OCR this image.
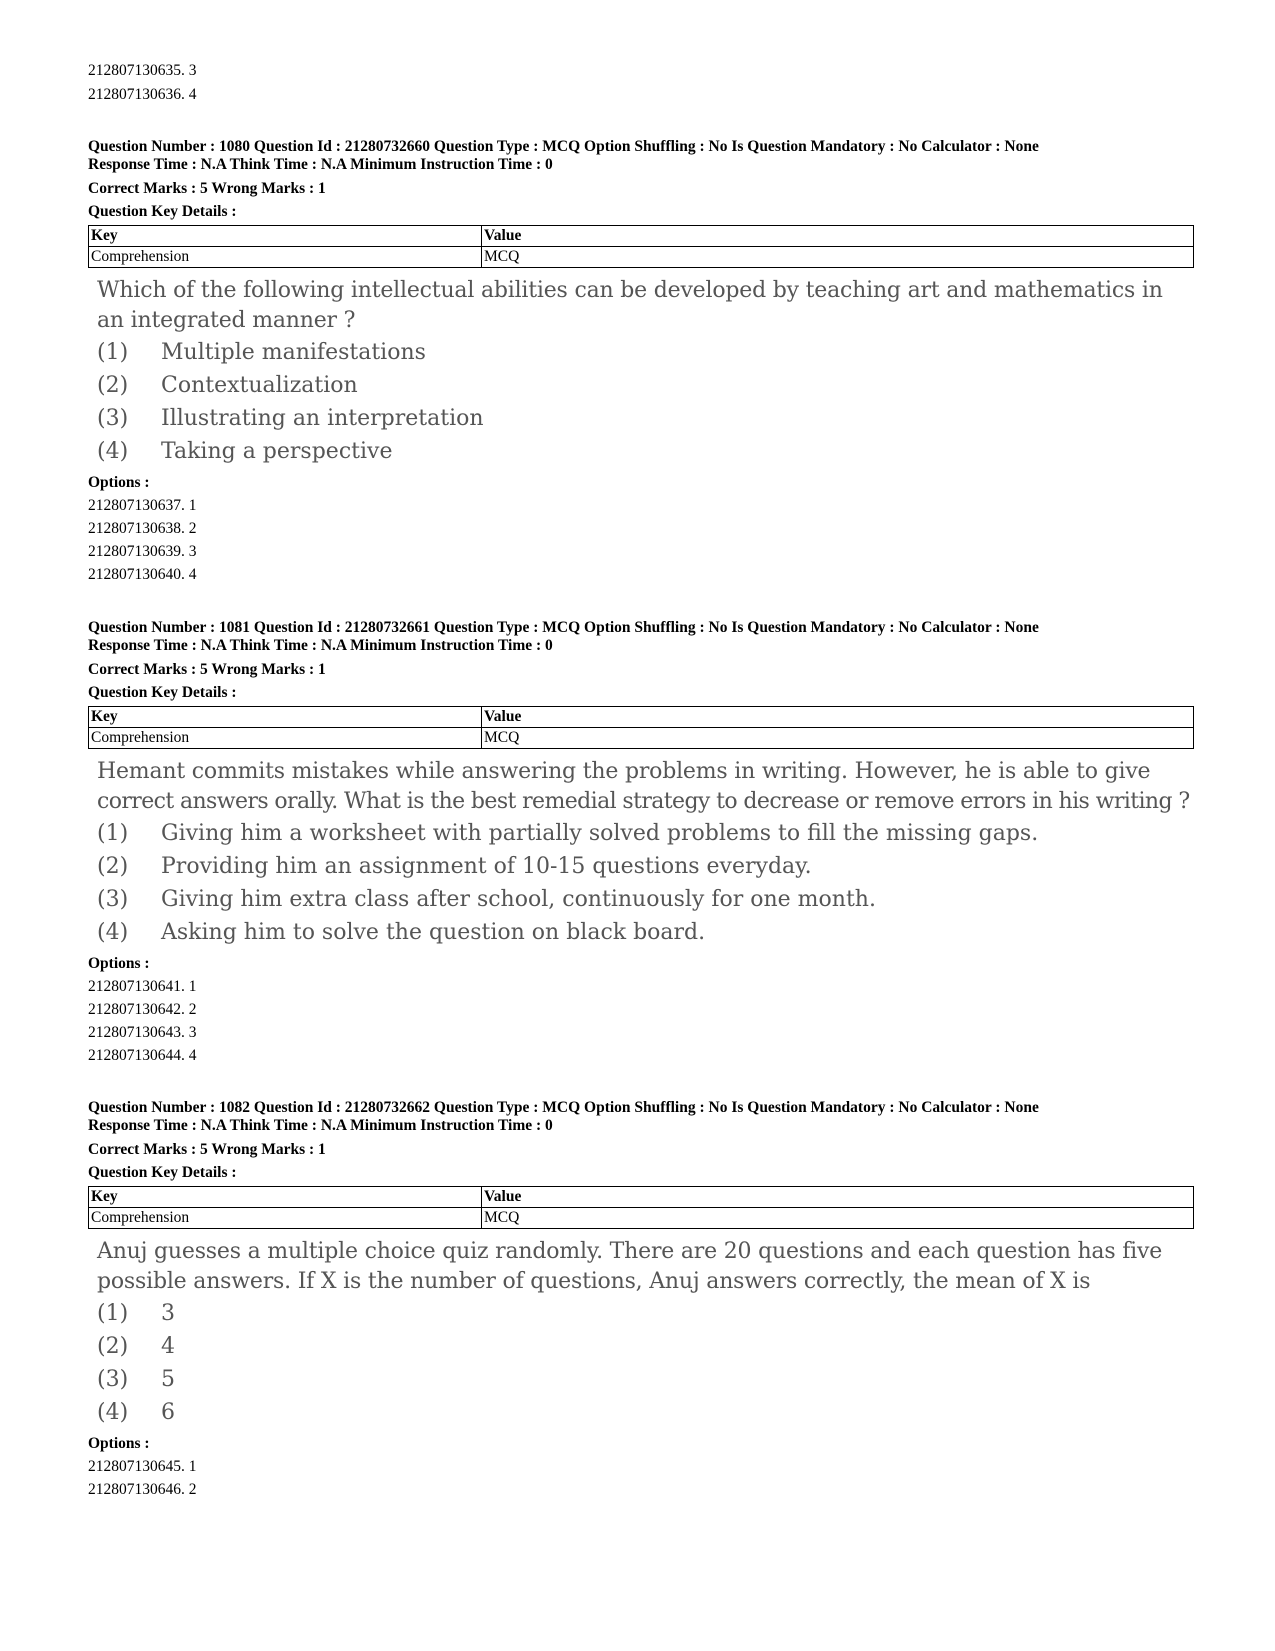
212807130635. 3
212807130636. 4
Question Number : 1080 Question Id : 21280732660 Question Type : MCQ Option Shuffling : No Is Question Mandatory : No Calculator : None
Response Time : N.A Think Time : N.A Minimum Instruction Time : 0
Correct Marks : 5 Wrong Marks : 1
Question Key Details :
Key	Value
Comprehension	MCQ
Which of the following intellectual abilities can be developed by teaching art and mathematics in
an integrated manner ?
(1) Multiple manifestations
(2) Contextualization
(3) Illustrating an interpretation
(4) Taking a perspective
Options :
212807130637. 1
212807130638. 2
212807130639. 3
212807130640. 4
Question Number : 1081 Question Id : 21280732661 Question Type : MCQ Option Shuffling : No Is Question Mandatory : No Calculator : None
Response Time : N.A Think Time : N.A Minimum Instruction Time : 0
Correct Marks : 5 Wrong Marks : 1
Question Key Details :
Key	Value
Comprehension	MCQ
Hemant commits mistakes while answering the problems in writing. However, he is able to give
correct answers orally. What is the best remedial strategy to decrease or remove errors in his writing ?
(1) Giving him a worksheet with partially solved problems to fill the missing gaps.
(2) Providing him an assignment of 10-15 questions everyday.
(3) Giving him extra class after school, continuously for one month.
(4) Asking him to solve the question on black board.
Options :
212807130641. 1
212807130642. 2
212807130643. 3
212807130644. 4
Question Number : 1082 Question Id : 21280732662 Question Type : MCQ Option Shuffling : No Is Question Mandatory : No Calculator : None
Response Time : N.A Think Time : N.A Minimum Instruction Time : 0
Correct Marks : 5 Wrong Marks : 1
Question Key Details :
Key	Value
Comprehension	MCQ
Anuj guesses a multiple choice quiz randomly. There are 20 questions and each question has five
possible answers. If X is the number of questions, Anuj answers correctly, the mean of X is
(1) 3
(2) 4
(3) 5
(4) 6
Options :
212807130645. 1
212807130646. 2
